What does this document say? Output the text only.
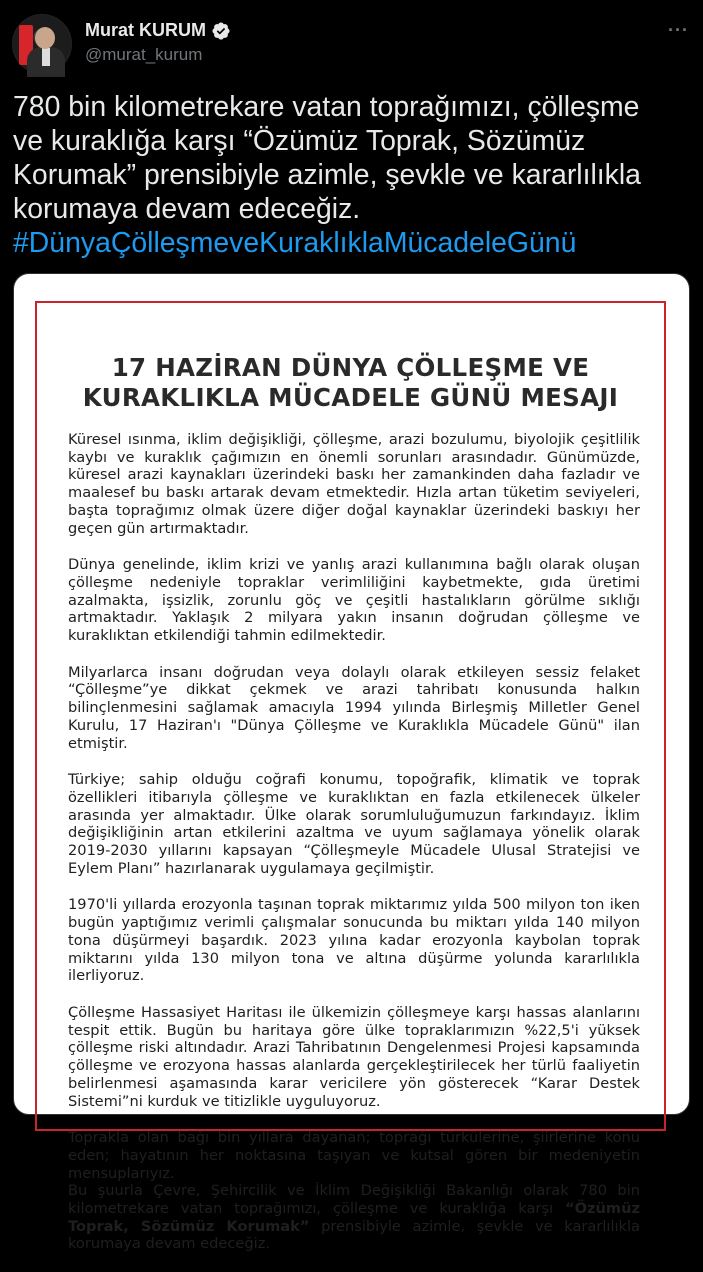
Murat KURUM
@murat_kurum
···

780 bin kilometrekare vatan toprağımızı, çölleşme ve kuraklığa karşı “Özümüz Toprak, Sözümüz Korumak” prensibiyle azimle, şevkle ve kararlılıkla korumaya devam edeceğiz.

#DünyaÇölleşmeveKuraklıklaMücadeleGünü
17 HAZİRAN DÜNYA ÇÖLLEŞME VE
KURAKLIKLA MÜCADELE GÜNÜ MESAJI

Küresel ısınma, iklim değişikliği, çölleşme, arazi bozulumu, biyolojik çeşitlilik kaybı ve kuraklık çağımızın en önemli sorunları arasındadır. Günümüzde, küresel arazi kaynakları üzerindeki baskı her zamankinden daha fazladır ve maalesef bu baskı artarak devam etmektedir. Hızla artan tüketim seviyeleri, başta toprağımız olmak üzere diğer doğal kaynaklar üzerindeki baskıyı her geçen gün artırmaktadır.

Dünya genelinde, iklim krizi ve yanlış arazi kullanımına bağlı olarak oluşan çölleşme nedeniyle topraklar verimliliğini kaybetmekte, gıda üretimi azalmakta, işsizlik, zorunlu göç ve çeşitli hastalıkların görülme sıklığı artmaktadır. Yaklaşık 2 milyara yakın insanın doğrudan çölleşme ve kuraklıktan etkilendiği tahmin edilmektedir.

Milyarlarca insanı doğrudan veya dolaylı olarak etkileyen sessiz felaket “Çölleşme”ye dikkat çekmek ve arazi tahribatı konusunda halkın bilinçlenmesini sağlamak amacıyla 1994 yılında Birleşmiş Milletler Genel Kurulu, 17 Haziran'ı "Dünya Çölleşme ve Kuraklıkla Mücadele Günü" ilan etmiştir.

Türkiye; sahip olduğu coğrafi konumu, topoğrafik, klimatik ve toprak özellikleri itibarıyla çölleşme ve kuraklıktan en fazla etkilenecek ülkeler arasında yer almaktadır. Ülke olarak sorumluluğumuzun farkındayız. İklim değişikliğinin artan etkilerini azaltma ve uyum sağlamaya yönelik olarak 2019-2030 yıllarını kapsayan “Çölleşmeyle Mücadele Ulusal Stratejisi ve Eylem Planı” hazırlanarak uygulamaya geçilmiştir.

1970'li yıllarda erozyonla taşınan toprak miktarımız yılda 500 milyon ton iken bugün yaptığımız verimli çalışmalar sonucunda bu miktarı yılda 140 milyon tona düşürmeyi başardık. 2023 yılına kadar erozyonla kaybolan toprak miktarını yılda 130 milyon tona ve altına düşürme yolunda kararlılıkla ilerliyoruz.

Çölleşme Hassasiyet Haritası ile ülkemizin çölleşmeye karşı hassas alanlarını tespit ettik. Bugün bu haritaya göre ülke topraklarımızın %22,5'i yüksek çölleşme riski altındadır. Arazi Tahribatının Dengelenmesi Projesi kapsamında çölleşme ve erozyona hassas alanlarda gerçekleştirilecek her türlü faaliyetin belirlenmesi aşamasında karar vericilere yön gösterecek “Karar Destek Sistemi”ni kurduk ve titizlikle uyguluyoruz.

Toprakla olan bağı bin yıllara dayanan; toprağı türkülerine, şiirlerine konu eden; hayatının her noktasına taşıyan ve kutsal gören bir medeniyetin mensuplarıyız.
Bu şuurla Çevre, Şehircilik ve İklim Değişikliği Bakanlığı olarak 780 bin kilometrekare vatan toprağımızı, çölleşme ve kuraklığa karşı “Özümüz Toprak, Sözümüz Korumak” prensibiyle azimle, şevkle ve kararlılıkla korumaya devam edeceğiz.
